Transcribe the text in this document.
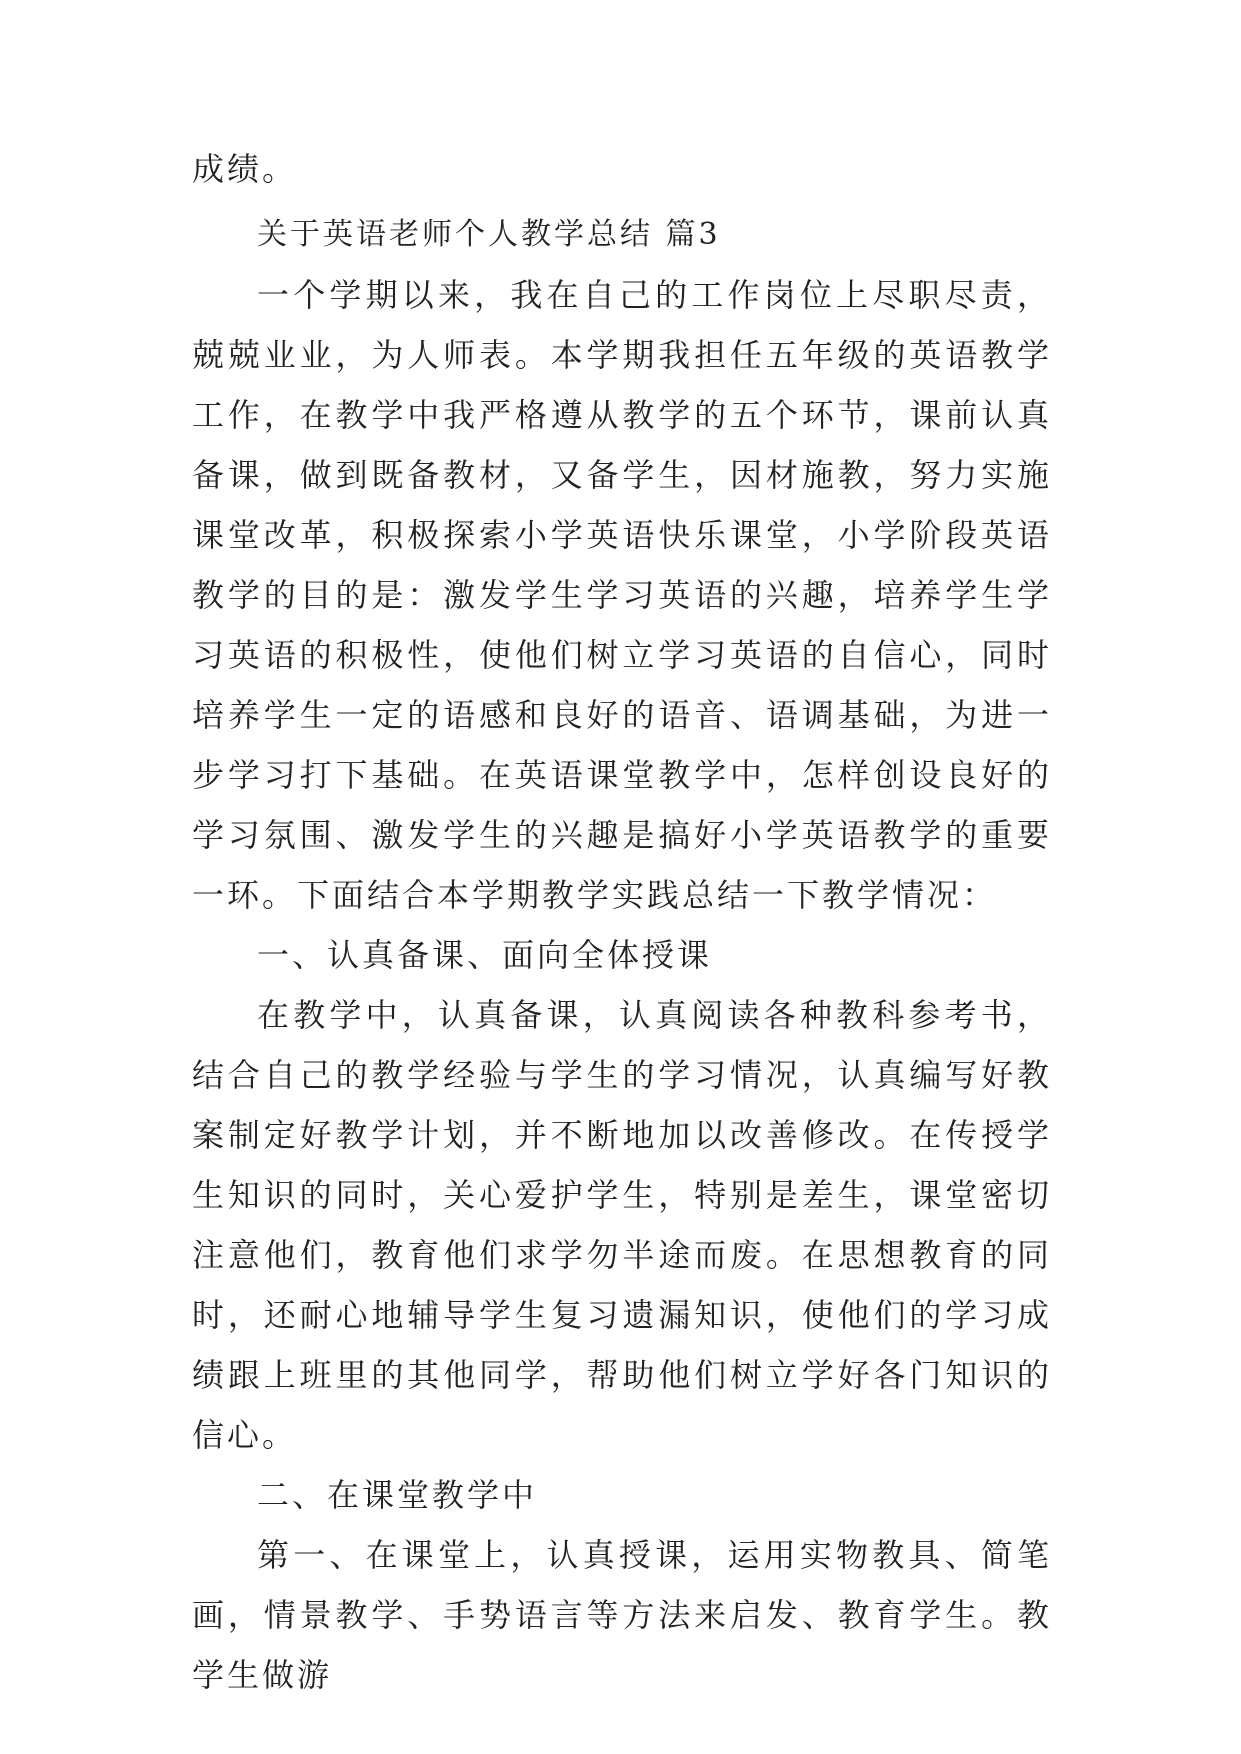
成绩。

关于英语老师个人教学总结 篇3

一个学期以来，我在自己的工作岗位上尽职尽责，兢兢业业，为人师表。本学期我担任五年级的英语教学工作，在教学中我严格遵从教学的五个环节，课前认真备课，做到既备教材，又备学生，因材施教，努力实施课堂改革，积极探索小学英语快乐课堂，小学阶段英语教学的目的是：激发学生学习英语的兴趣，培养学生学习英语的积极性，使他们树立学习英语的自信心，同时培养学生一定的语感和良好的语音、语调基础，为进一步学习打下基础。在英语课堂教学中，怎样创设良好的学习氛围、激发学生的兴趣是搞好小学英语教学的重要一环。下面结合本学期教学实践总结一下教学情况：

一、认真备课、面向全体授课

在教学中，认真备课，认真阅读各种教科参考书，结合自己的教学经验与学生的学习情况，认真编写好教案制定好教学计划，并不断地加以改善修改。在传授学生知识的同时，关心爱护学生，特别是差生，课堂密切注意他们，教育他们求学勿半途而废。在思想教育的同时，还耐心地辅导学生复习遗漏知识，使他们的学习成绩跟上班里的其他同学，帮助他们树立学好各门知识的信心。

二、在课堂教学中

第一、在课堂上，认真授课，运用实物教具、简笔画，情景教学、手势语言等方法来启发、教育学生。教学生做游
